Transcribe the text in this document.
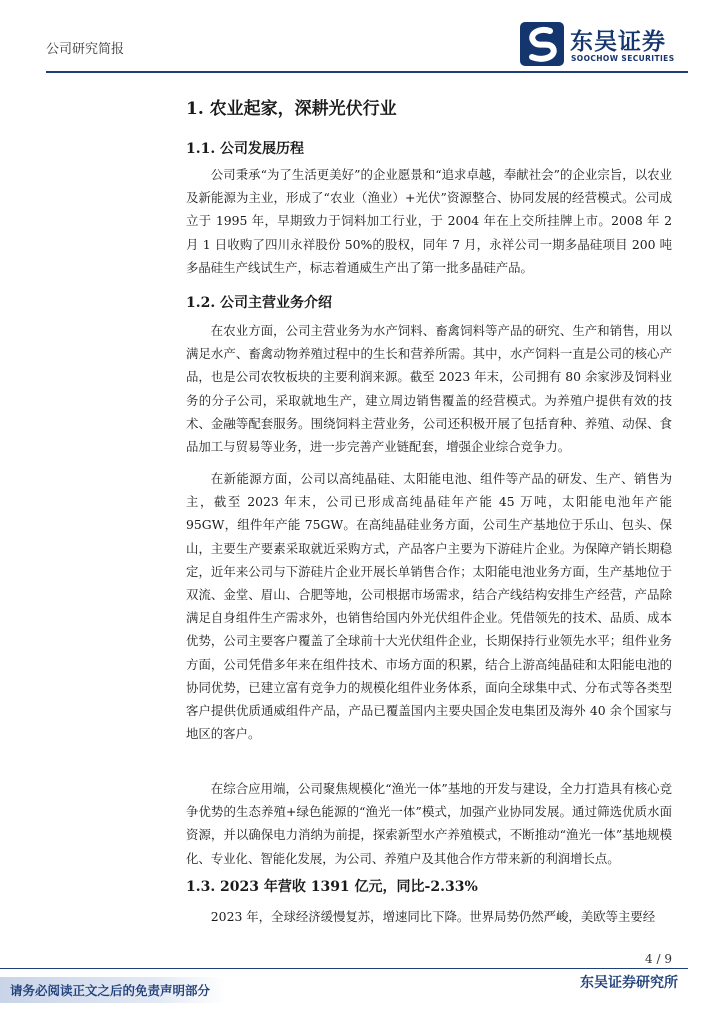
公司研究简报	东吴证券
SOOCHOW SECURITIES
1. 农业起家，深耕光伏行业
1.1. 公司发展历程

公司秉承“为了生活更美好”的企业愿景和“追求卓越，奉献社会”的企业宗旨，以农业及新能源为主业，形成了“农业（渔业）+光伏”资源整合、协同发展的经营模式。公司成立于 1995 年，早期致力于饲料加工行业，于 2004 年在上交所挂牌上市。2008 年 2 月 1 日收购了四川永祥股份 50%的股权，同年 7 月，永祥公司一期多晶硅项目 200 吨多晶硅生产线试生产，标志着通威生产出了第一批多晶硅产品。

1.2. 公司主营业务介绍

在农业方面，公司主营业务为水产饲料、畜禽饲料等产品的研究、生产和销售，用以满足水产、畜禽动物养殖过程中的生长和营养所需。其中，水产饲料一直是公司的核心产品，也是公司农牧板块的主要利润来源。截至 2023 年末，公司拥有 80 余家涉及饲料业务的分子公司，采取就地生产，建立周边销售覆盖的经营模式。为养殖户提供有效的技术、金融等配套服务。围绕饲料主营业务，公司还积极开展了包括育种、养殖、动保、食品加工与贸易等业务，进一步完善产业链配套，增强企业综合竞争力。

在新能源方面，公司以高纯晶硅、太阳能电池、组件等产品的研发、生产、销售为主，截至 2023 年末，公司已形成高纯晶硅年产能 45 万吨，太阳能电池年产能 95GW，组件年产能 75GW。在高纯晶硅业务方面，公司生产基地位于乐山、包头、保山，主要生产要素采取就近采购方式，产品客户主要为下游硅片企业。为保障产销长期稳定，近年来公司与下游硅片企业开展长单销售合作；太阳能电池业务方面，生产基地位于双流、金堂、眉山、合肥等地，公司根据市场需求，结合产线结构安排生产经营，产品除满足自身组件生产需求外，也销售给国内外光伏组件企业。凭借领先的技术、品质、成本优势，公司主要客户覆盖了全球前十大光伏组件企业，长期保持行业领先水平；组件业务方面，公司凭借多年来在组件技术、市场方面的积累，结合上游高纯晶硅和太阳能电池的协同优势，已建立富有竞争力的规模化组件业务体系，面向全球集中式、分布式等各类型客户提供优质通威组件产品，产品已覆盖国内主要央国企发电集团及海外 40 余个国家与地区的客户。

在综合应用端，公司聚焦规模化“渔光一体”基地的开发与建设，全力打造具有核心竞争优势的生态养殖+绿色能源的“渔光一体”模式，加强产业协同发展。通过筛选优质水面资源，并以确保电力消纳为前提，探索新型水产养殖模式，不断推动“渔光一体”基地规模化、专业化、智能化发展，为公司、养殖户及其他合作方带来新的利润增长点。

1.3. 2023 年营收 1391 亿元，同比-2.33%

2023 年，全球经济缓慢复苏，增速同比下降。世界局势仍然严峻，美欧等主要经

4 / 9
请务必阅读正文之后的免责声明部分	东吴证券研究所
